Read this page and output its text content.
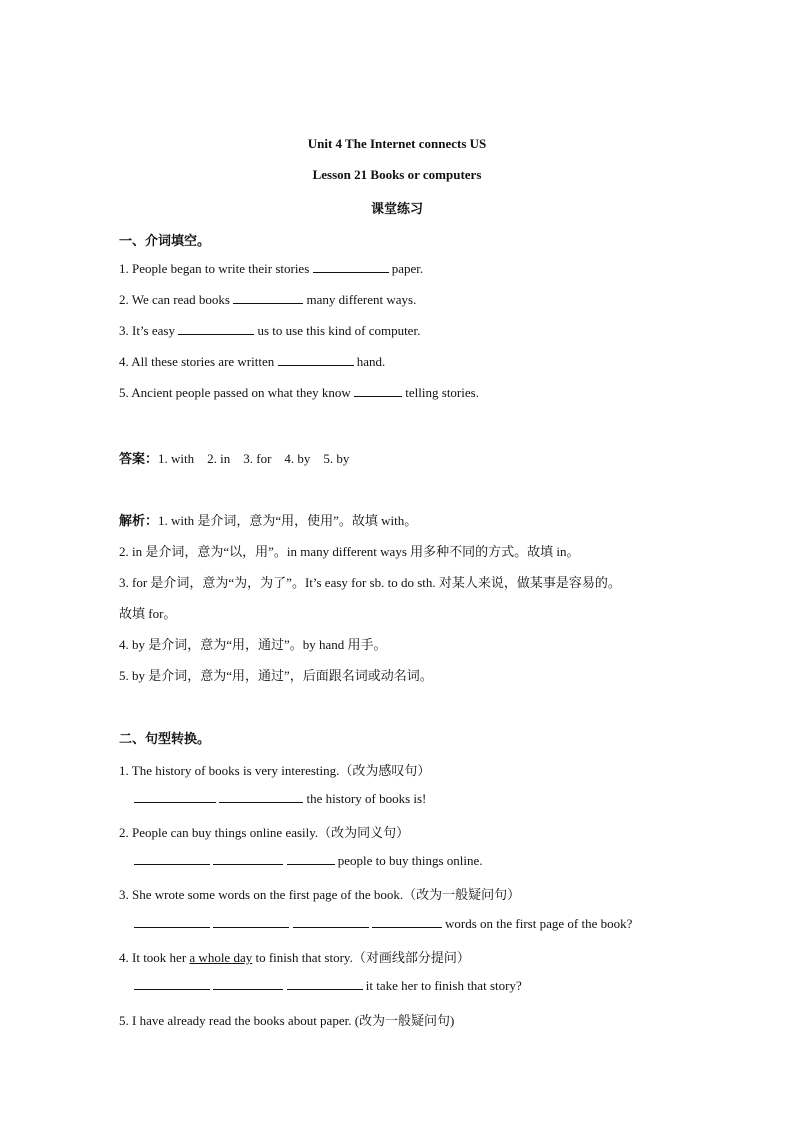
Unit 4 The Internet connects US
Lesson 21 Books or computers
课堂练习
一、介词填空。
1. People began to write their stories	paper.
2. We can read books	many different ways.
3. It’s easy	us to use this kind of computer.
4. All these stories are written	hand.
5. Ancient people passed on what they know	telling stories.
答案：1. with    2. in    3. for    4. by    5. by
解析：1. with 是介词，意为“用，使用”。故填 with。
2. in 是介词，意为“以，用”。in many different ways 用多种不同的方式。故填 in。
3. for 是介词，意为“为，为了”。It’s easy for sb. to do sth. 对某人来说，做某事是容易的。
故填 for。
4. by 是介词，意为“用，通过”。by hand 用手。
5. by 是介词，意为“用，通过”，后面跟名词或动名词。
二、句型转换。
1. The history of books is very interesting.（改为感叹句）
the history of books is!
2. People can buy things online easily.（改为同义句）
people to buy things online.
3. She wrote some words on the first page of the book.（改为一般疑问句）
words on the first page of the book?
4. It took her a whole day to finish that story.（对画线部分提问）
it take her to finish that story?
5. I have already read the books about paper. (改为一般疑问句)
